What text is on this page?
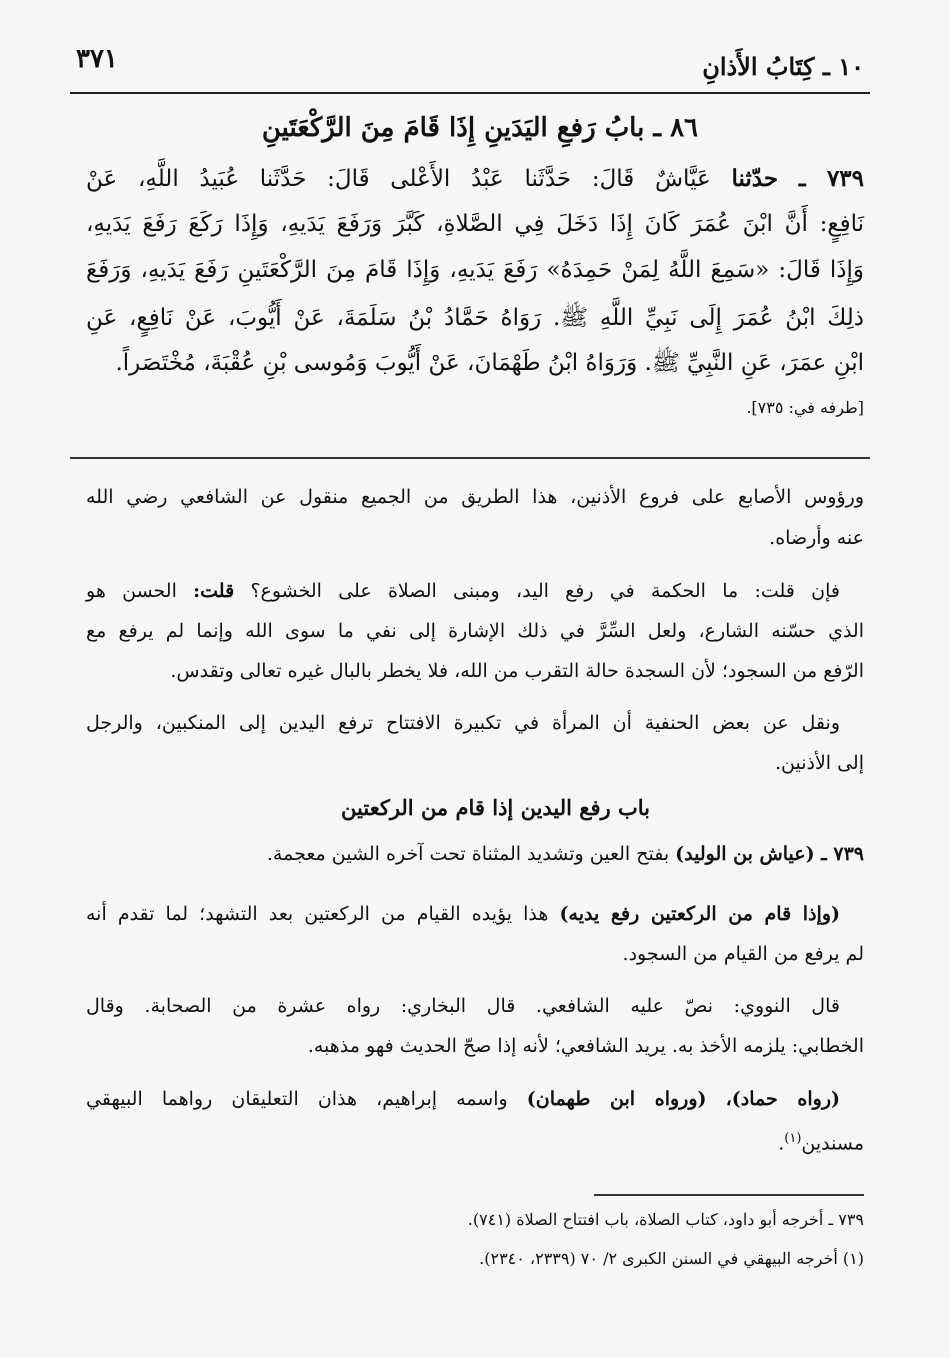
١٠ ـ كِتَابُ الأَذانِ
٣٧١
٨٦ ـ بابُ رَفعِ اليَدَينِ إِذَا قَامَ مِنَ الرَّكْعَتَينِ
٧٣٩ ـ حدّثنا عَيَّاشٌ قَالَ: حَدَّثَنا عَبْدُ الأَعْلى قَالَ: حَدَّثَنا عُبَيدُ اللَّهِ، عَنْ
نَافِعٍ: أَنَّ ابْنَ عُمَرَ كَانَ إِذَا دَخَلَ فِي الصَّلاةِ، كَبَّرَ وَرَفَعَ يَدَيهِ، وَإِذَا رَكَعَ رَفَعَ يَدَيهِ،
وَإِذَا قَالَ: «سَمِعَ اللَّهُ لِمَنْ حَمِدَهُ» رَفَعَ يَدَيهِ، وَإِذَا قَامَ مِنَ الرَّكْعَتَينِ رَفَعَ يَدَيهِ، وَرَفَعَ
ذلِكَ ابْنُ عُمَرَ إِلَى نَبِيِّ اللَّهِ ﷺ. رَوَاهُ حَمَّادُ بْنُ سَلَمَةَ، عَنْ أَيُّوبَ، عَنْ نَافِعٍ، عَنِ
ابْنِ عمَرَ، عَنِ النَّبِيِّ ﷺ. وَرَوَاهُ ابْنُ طَهْمَانَ، عَنْ أَيُّوبَ وَمُوسى بْنِ عُقْبَةَ، مُخْتَصَراً.
[طرفه في: ٧٣٥].
ورؤوس الأصابع على فروع الأذنين، هذا الطريق من الجميع منقول عن الشافعي رضي الله
عنه وأرضاه.
فإن قلت: ما الحكمة في رفع اليد، ومبنى الصلاة على الخشوع؟ قلت: الحسن هو
الذي حسّنه الشارع، ولعل السِّرَّ في ذلك الإشارة إلى نفي ما سوى الله وإنما لم يرفع مع
الرّفع من السجود؛ لأن السجدة حالة التقرب من الله، فلا يخطر بالبال غيره تعالى وتقدس.
ونقل عن بعض الحنفية أن المرأة في تكبيرة الافتتاح ترفع اليدين إلى المنكبين، والرجل
إلى الأذنين.
باب رفع اليدين إذا قام من الركعتين
٧٣٩ ـ (عياش بن الوليد) بفتح العين وتشديد المثناة تحت آخره الشين معجمة.
(وإذا قام من الركعتين رفع يديه) هذا يؤيده القيام من الركعتين بعد التشهد؛ لما تقدم أنه
لم يرفع من القيام من السجود.
قال النووي: نصّ عليه الشافعي. قال البخاري: رواه عشرة من الصحابة. وقال
الخطابي: يلزمه الأخذ به. يريد الشافعي؛ لأنه إذا صحّ الحديث فهو مذهبه.
(رواه حماد)، (ورواه ابن طهمان) واسمه إبراهيم، هذان التعليقان رواهما البيهقي
مسندين$^{(١)}$.
٧٣٩ ـ أخرجه أبو داود، كتاب الصلاة، باب افتتاح الصلاة (٧٤١).
(١) أخرجه البيهقي في السنن الكبرى ٢/ ٧٠ (٢٣٣٩، ٢٣٤٠).
